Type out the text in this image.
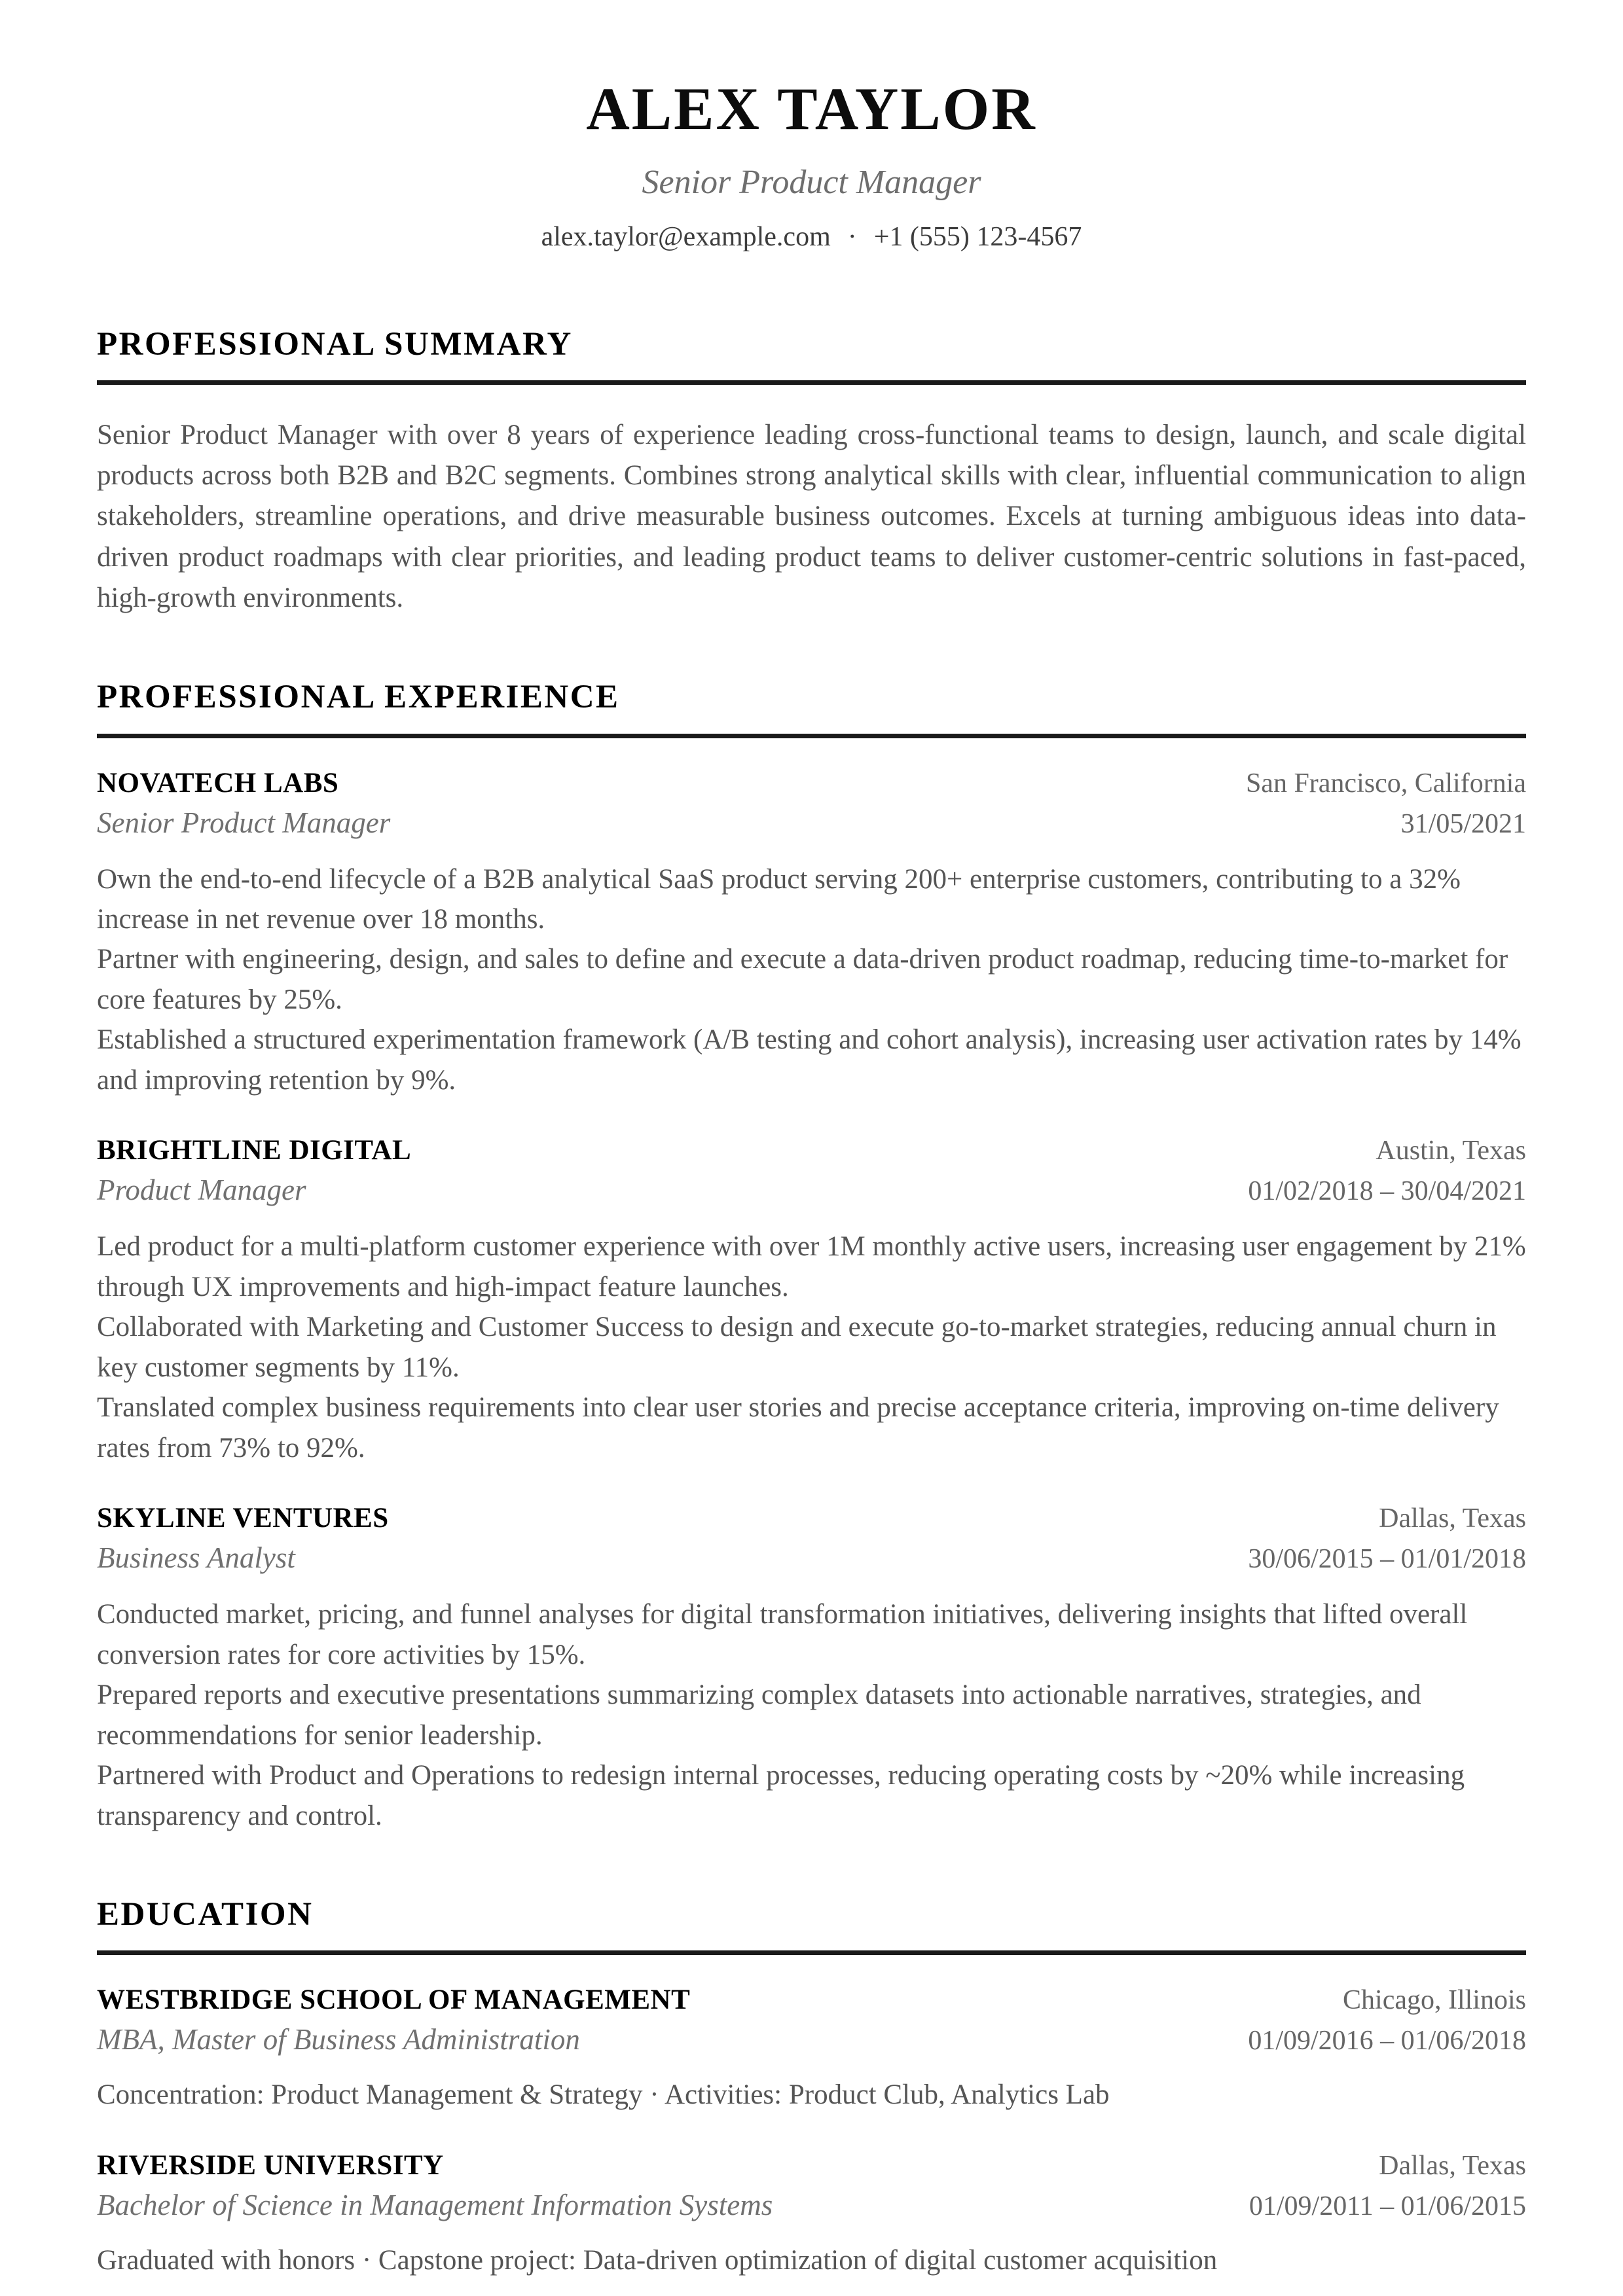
ALEX TAYLOR
Senior Product Manager
alex.taylor@example.com · +1 (555) 123-4567
PROFESSIONAL SUMMARY

Senior Product Manager with over 8 years of experience leading cross-functional teams to design, launch, and scale digital products across both B2B and B2C segments. Combines strong analytical skills with clear, influential communication to align stakeholders, streamline operations, and drive measurable business outcomes. Excels at turning ambiguous ideas into data-driven product roadmaps with clear priorities, and leading product teams to deliver customer-centric solutions in fast-paced, high-growth environments.

PROFESSIONAL EXPERIENCE
NOVATECH LABS	San Francisco, California
Senior Product Manager	31/05/2021

Own the end-to-end lifecycle of a B2B analytical SaaS product serving 200+ enterprise customers, contributing to a 32% increase in net revenue over 18 months.

Partner with engineering, design, and sales to define and execute a data-driven product roadmap, reducing time-to-market for core features by 25%.

Established a structured experimentation framework (A/B testing and cohort analysis), increasing user activation rates by 14% and improving retention by 9%.

BRIGHTLINE DIGITAL	Austin, Texas
Product Manager	01/02/2018 – 30/04/2021

Led product for a multi-platform customer experience with over 1M monthly active users, increasing user engagement by 21% through UX improvements and high-impact feature launches.

Collaborated with Marketing and Customer Success to design and execute go-to-market strategies, reducing annual churn in key customer segments by 11%.

Translated complex business requirements into clear user stories and precise acceptance criteria, improving on-time delivery rates from 73% to 92%.

SKYLINE VENTURES	Dallas, Texas
Business Analyst	30/06/2015 – 01/01/2018

Conducted market, pricing, and funnel analyses for digital transformation initiatives, delivering insights that lifted overall conversion rates for core activities by 15%.

Prepared reports and executive presentations summarizing complex datasets into actionable narratives, strategies, and recommendations for senior leadership.

Partnered with Product and Operations to redesign internal processes, reducing operating costs by ~20% while increasing transparency and control.

EDUCATION
WESTBRIDGE SCHOOL OF MANAGEMENT	Chicago, Illinois
MBA, Master of Business Administration	01/09/2016 – 01/06/2018

Concentration: Product Management & Strategy · Activities: Product Club, Analytics Lab

RIVERSIDE UNIVERSITY	Dallas, Texas
Bachelor of Science in Management Information Systems	01/09/2011 – 01/06/2015

Graduated with honors · Capstone project: Data-driven optimization of digital customer acquisition
